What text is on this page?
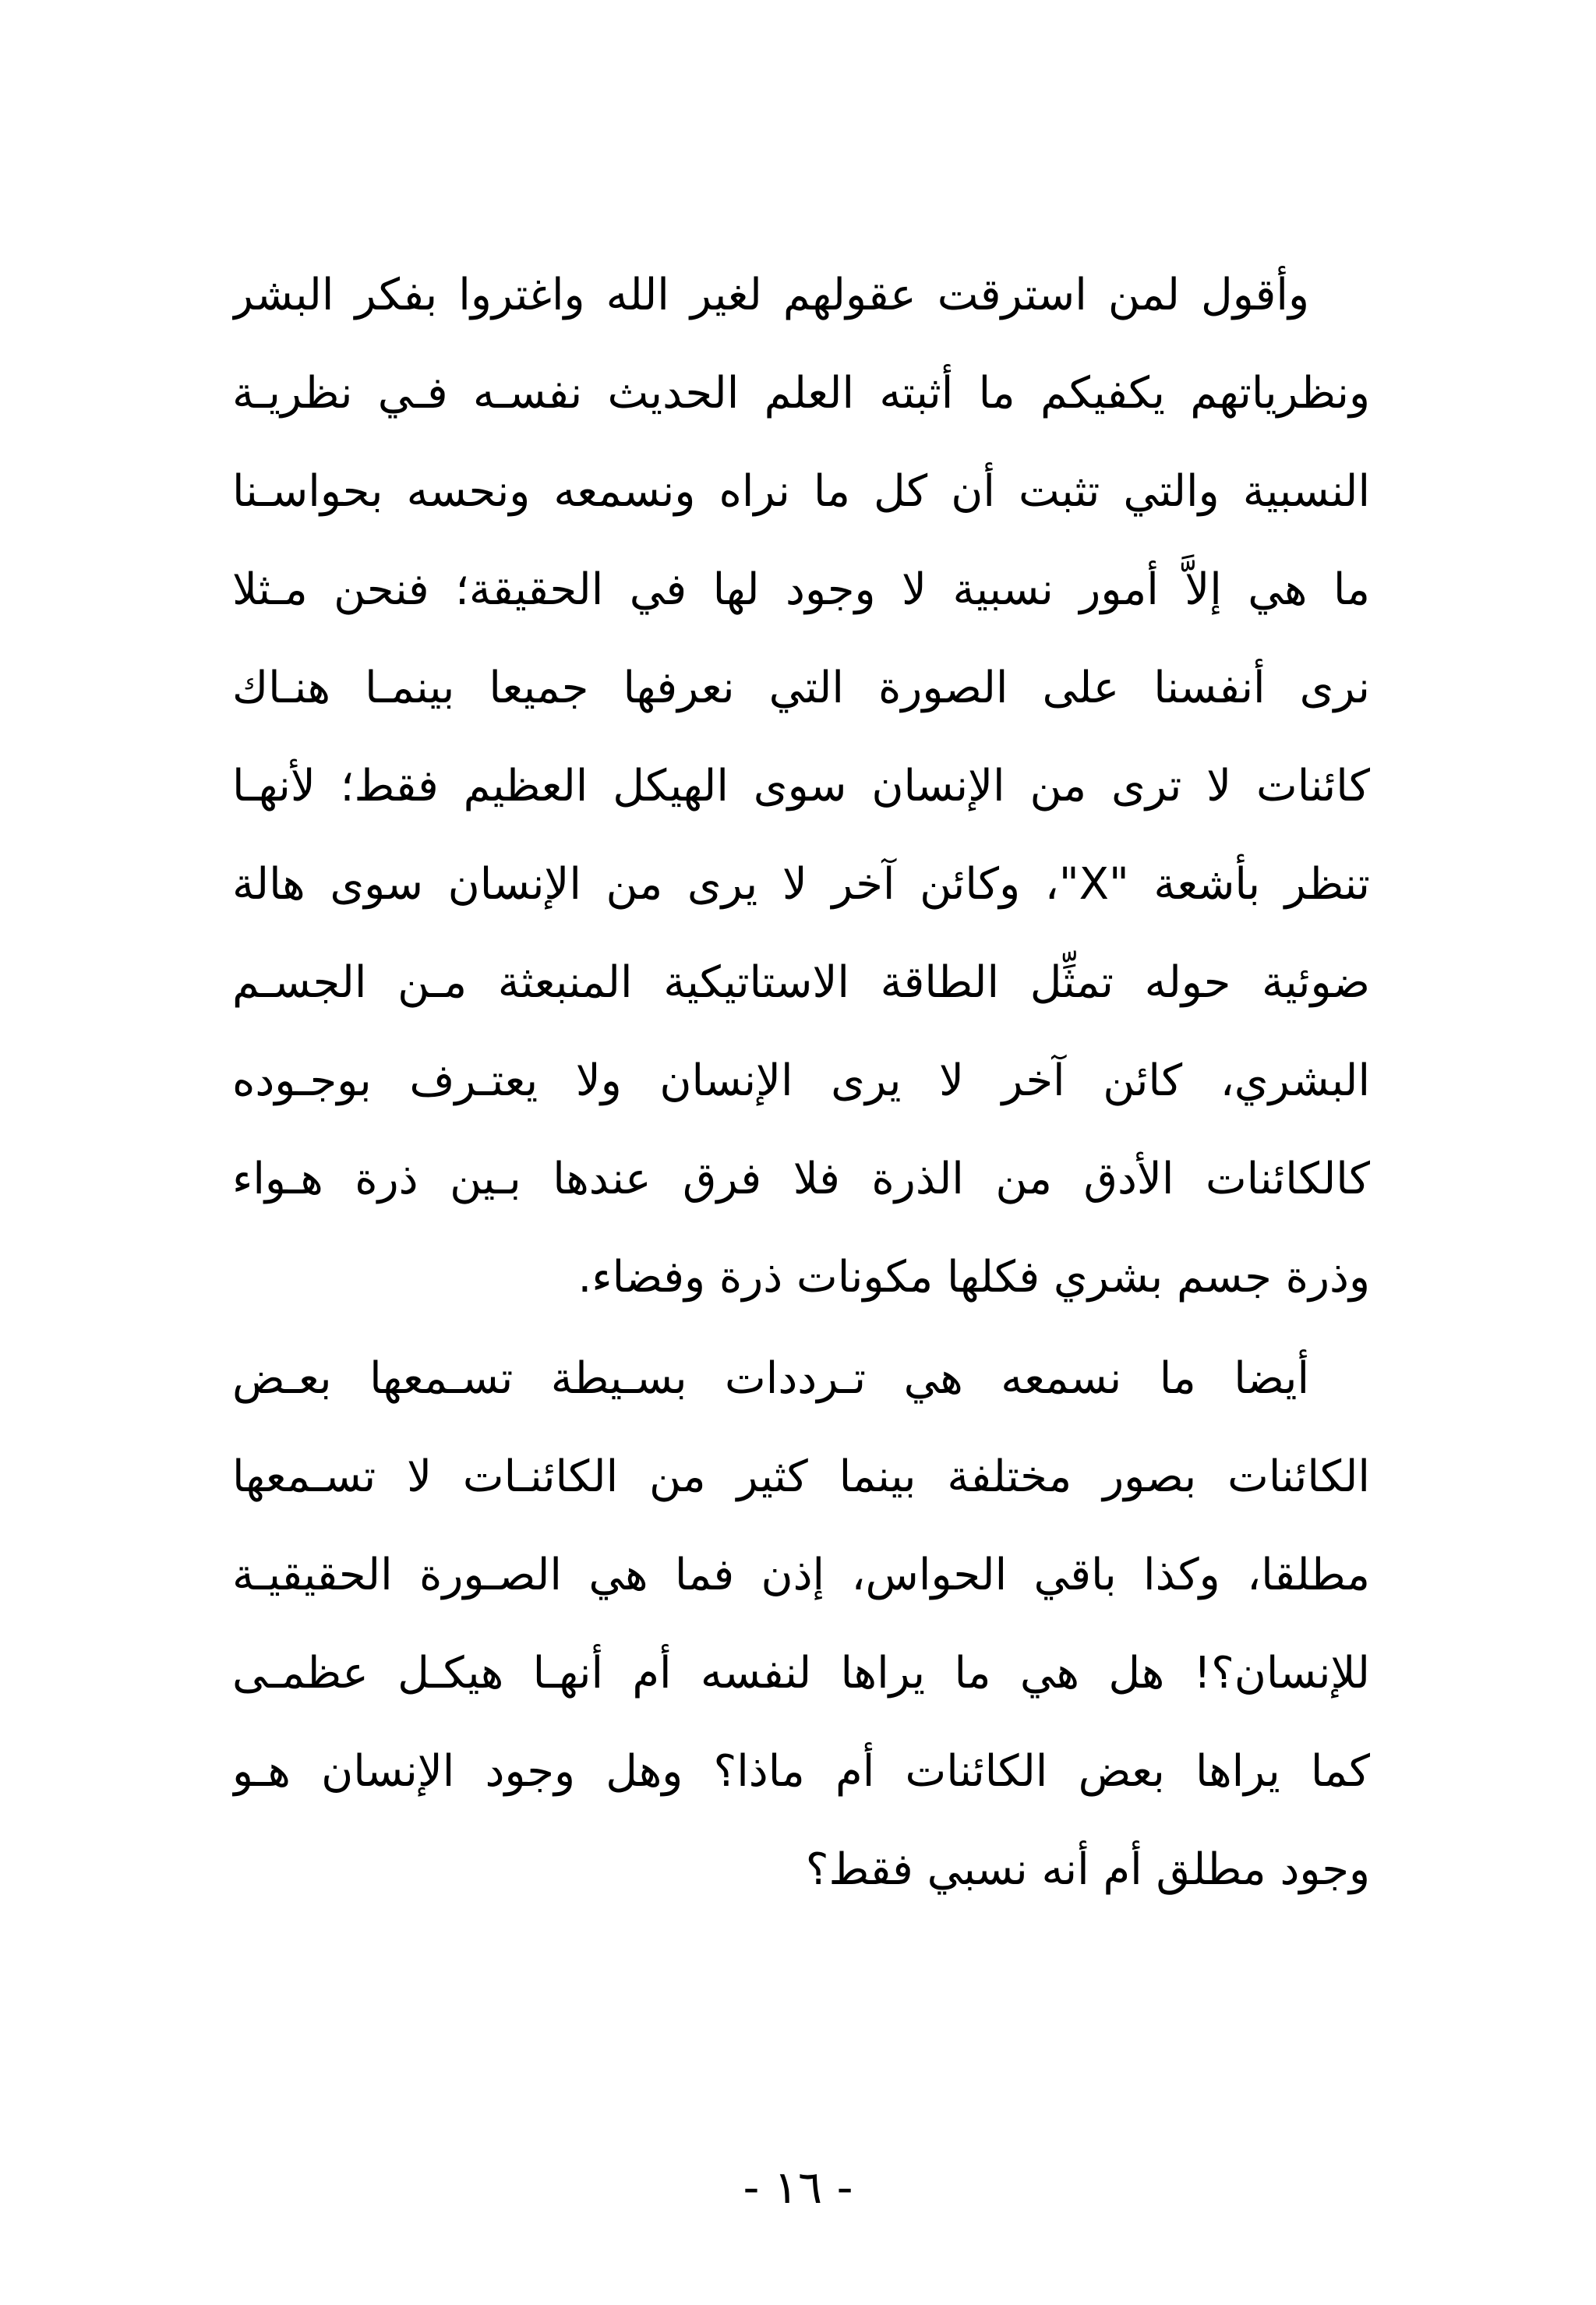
وأقول لمن استرقت عقولهم لغير الله واغتروا بفكر البشر
ونظرياتهم يكفيكم ما أثبته العلم الحديث نفسـه فـي نظريـة
النسبية والتي تثبت أن كل ما نراه ونسمعه ونحسه بحواسـنا
ما هي إلاَّ أمور نسبية لا وجود لها في الحقيقة؛ فنحن مـثلا
نرى أنفسنا على الصورة التي نعرفها جميعا بينمـا هنـاك
كائنات لا ترى من الإنسان سوى الهيكل العظيم فقط؛ لأنهـا
تنظر بأشعة "X"، وكائن آخر لا يرى من الإنسان سوى هالة
ضوئية حوله تمثِّل الطاقة الاستاتيكية المنبعثة مـن الجسـم
البشري، كائن آخر لا يرى الإنسان ولا يعتـرف بوجـوده
كالكائنات الأدق من الذرة فلا فرق عندها بـين ذرة هـواء
وذرة جسم بشري فكلها مكونات ذرة وفضاء.
أيضا ما نسمعه هي تـرددات بسـيطة تسـمعها بعـض
الكائنات بصور مختلفة بينما كثير من الكائنـات لا تسـمعها
مطلقا، وكذا باقي الحواس، إذن فما هي الصـورة الحقيقيـة
للإنسان؟! هل هي ما يراها لنفسه أم أنهـا هيكـل عظمـى
كما يراها بعض الكائنات أم ماذا؟ وهل وجود الإنسان هـو
وجود مطلق أم أنه نسبي فقط؟
- ١٦ -
